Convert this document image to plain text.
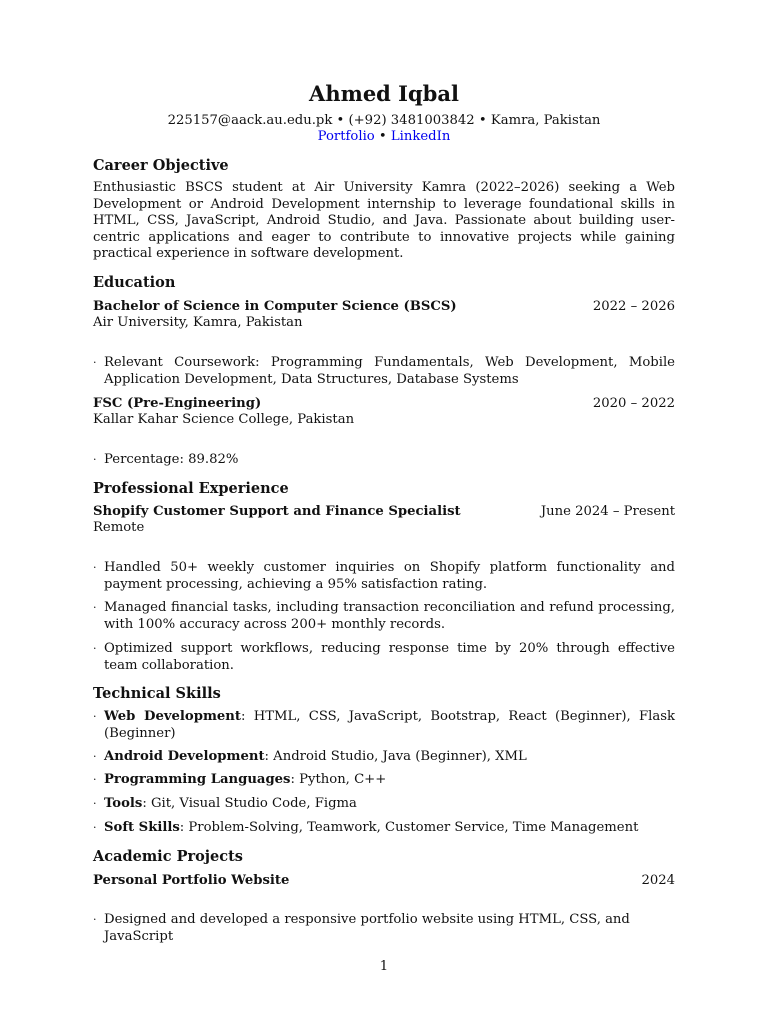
Ahmed Iqbal
225157@aack.au.edu.pk • (+92) 3481003842 • Kamra, Pakistan
Portfolio • LinkedIn
Career Objective
Enthusiastic BSCS student at Air University Kamra (2022–2026) seeking a Web Development or Android Development internship to leverage foundational skills in HTML, CSS, JavaScript, Android Studio, and Java. Passionate about building user-centric applications and eager to contribute to innovative projects while gaining practical experience in software development.
Education
Bachelor of Science in Computer Science (BSCS)	2022 – 2026
Air University, Kamra, Pakistan
· Relevant Coursework: Programming Fundamentals, Web Development, Mobile Application Development, Data Structures, Database Systems
FSC (Pre-Engineering)	2020 – 2022
Kallar Kahar Science College, Pakistan
· Percentage: 89.82%
Professional Experience
Shopify Customer Support and Finance Specialist	June 2024 – Present
Remote
· Handled 50+ weekly customer inquiries on Shopify platform functionality and payment processing, achieving a 95% satisfaction rating.
· Managed financial tasks, including transaction reconciliation and refund processing, with 100% accuracy across 200+ monthly records.
· Optimized support workflows, reducing response time by 20% through effective team collaboration.
Technical Skills
· Web Development: HTML, CSS, JavaScript, Bootstrap, React (Beginner), Flask (Beginner)
· Android Development: Android Studio, Java (Beginner), XML
· Programming Languages: Python, C++
· Tools: Git, Visual Studio Code, Figma
· Soft Skills: Problem-Solving, Teamwork, Customer Service, Time Management
Academic Projects
Personal Portfolio Website	2024
· Designed and developed a responsive portfolio website using HTML, CSS, and JavaScript
1
